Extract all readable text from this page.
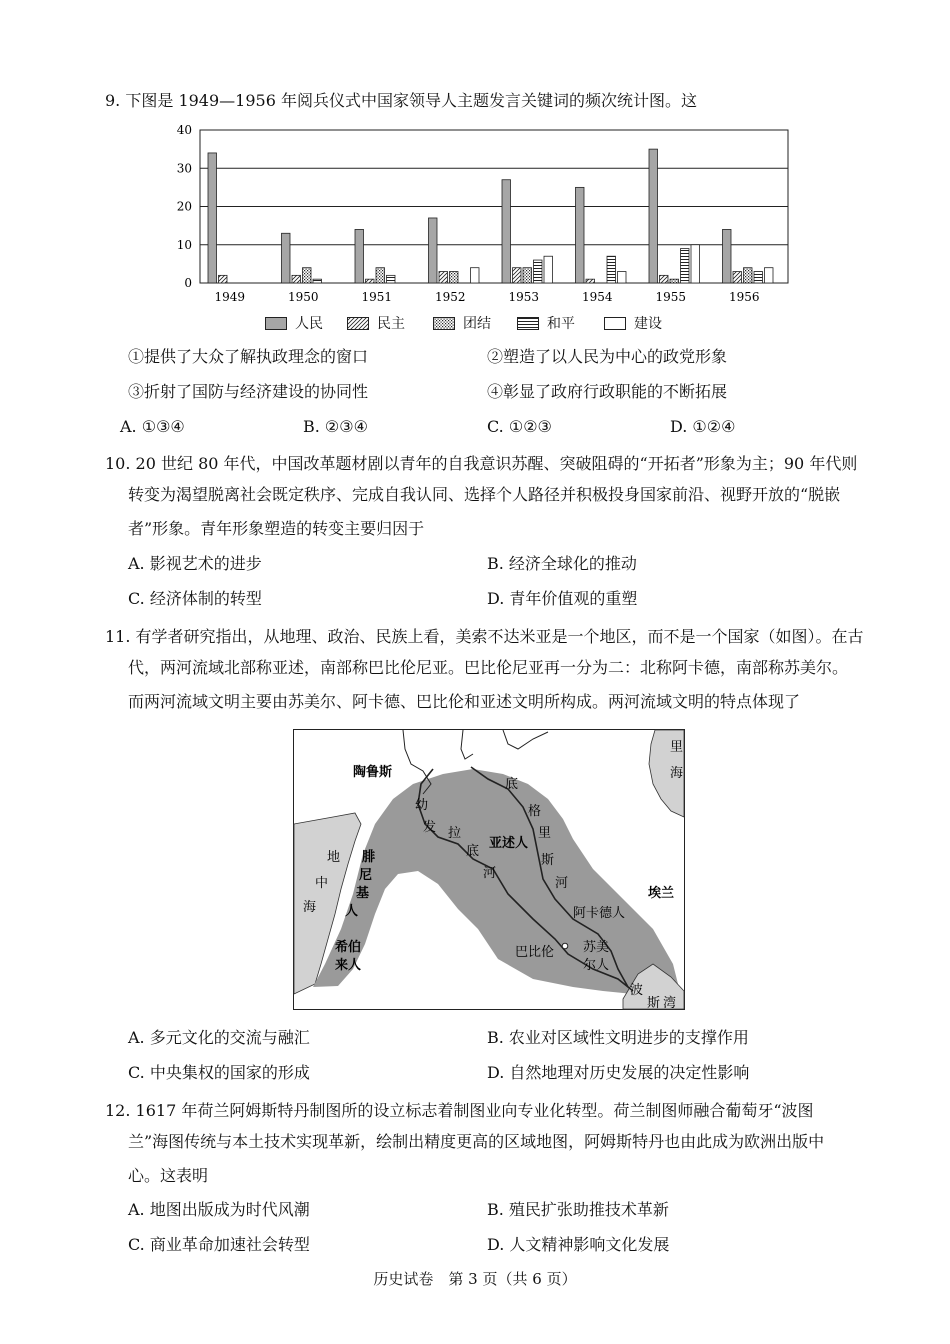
9. 下图是 1949—1956 年阅兵仪式中国家领导人主题发言关键词的频次统计图。这
40
30
20
10
0
1949	1950	1951	1952	1953	1954	1955	1956
人民	民主	团结	和平	建设
①提供了大众了解执政理念的窗口	②塑造了以人民为中心的政党形象
③折射了国防与经济建设的协同性	④彰显了政府行政职能的不断拓展
A. ①③④	B. ②③④	C. ①②③	D. ①②④
10. 20 世纪 80 年代，中国改革题材剧以青年的自我意识苏醒、突破阻碍的“开拓者”形象为主；90 年代则
转变为渴望脱离社会既定秩序、完成自我认同、选择个人路径并积极投身国家前沿、视野开放的“脱嵌
者”形象。青年形象塑造的转变主要归因于
A. 影视艺术的进步	B. 经济全球化的推动
C. 经济体制的转型	D. 青年价值观的重塑
11. 有学者研究指出，从地理、政治、民族上看，美索不达米亚是一个地区，而不是一个国家（如图）。在古
代，两河流域北部称亚述，南部称巴比伦尼亚。巴比伦尼亚再一分为二：北称阿卡德，南部称苏美尔。
而两河流域文明主要由苏美尔、阿卡德、巴比伦和亚述文明所构成。两河流域文明的特点体现了
陶鲁斯
里
海
地
中
海
腓
尼
基
人
希伯
来人
幼
发 拉
底
河
底
格
里
斯
河
亚述人
阿卡德人
巴比伦 苏美
尔人
埃兰
波
斯 湾
A. 多元文化的交流与融汇	B. 农业对区域性文明进步的支撑作用
C. 中央集权的国家的形成	D. 自然地理对历史发展的决定性影响
12. 1617 年荷兰阿姆斯特丹制图所的设立标志着制图业向专业化转型。荷兰制图师融合葡萄牙“波图
兰”海图传统与本土技术实现革新，绘制出精度更高的区域地图，阿姆斯特丹也由此成为欧洲出版中
心。这表明
A. 地图出版成为时代风潮	B. 殖民扩张助推技术革新
C. 商业革命加速社会转型	D. 人文精神影响文化发展
历史试卷　第 3 页（共 6 页）
